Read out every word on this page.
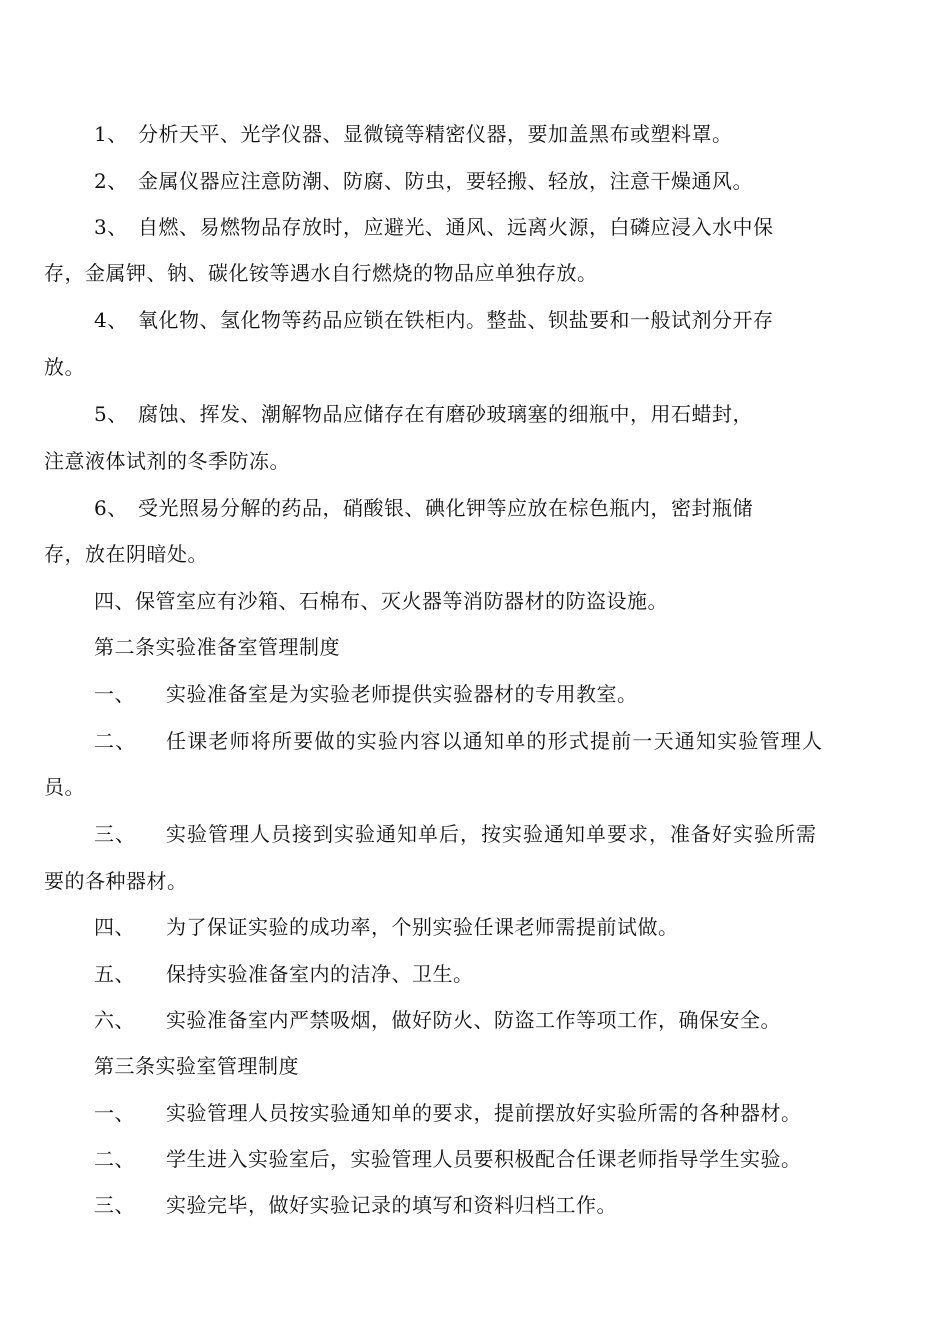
1、 分析天平、光学仪器、显微镜等精密仪器，要加盖黑布或塑料罩。
2、 金属仪器应注意防潮、防腐、防虫，要轻搬、轻放，注意干燥通风。
3、 自燃、易燃物品存放时，应避光、通风、远离火源，白磷应浸入水中保
存，金属钾、钠、碳化铵等遇水自行燃烧的物品应单独存放。
4、 氧化物、氢化物等药品应锁在铁柜内。整盐、钡盐要和一般试剂分开存
放。
5、 腐蚀、挥发、潮解物品应储存在有磨砂玻璃塞的细瓶中，用石蜡封，
注意液体试剂的冬季防冻。
6、 受光照易分解的药品，硝酸银、碘化钾等应放在棕色瓶内，密封瓶储
存，放在阴暗处。
四、保管室应有沙箱、石棉布、灭火器等消防器材的防盗设施。
第二条实验准备室管理制度
一、 实验准备室是为实验老师提供实验器材的专用教室。
二、 任课老师将所要做的实验内容以通知单的形式提前一天通知实验管理人
员。
三、 实验管理人员接到实验通知单后，按实验通知单要求，准备好实验所需
要的各种器材。
四、 为了保证实验的成功率，个别实验任课老师需提前试做。
五、 保持实验准备室内的洁净、卫生。
六、 实验准备室内严禁吸烟，做好防火、防盗工作等项工作，确保安全。
第三条实验室管理制度
一、 实验管理人员按实验通知单的要求，提前摆放好实验所需的各种器材。
二、 学生进入实验室后，实验管理人员要积极配合任课老师指导学生实验。
三、 实验完毕，做好实验记录的填写和资料归档工作。
